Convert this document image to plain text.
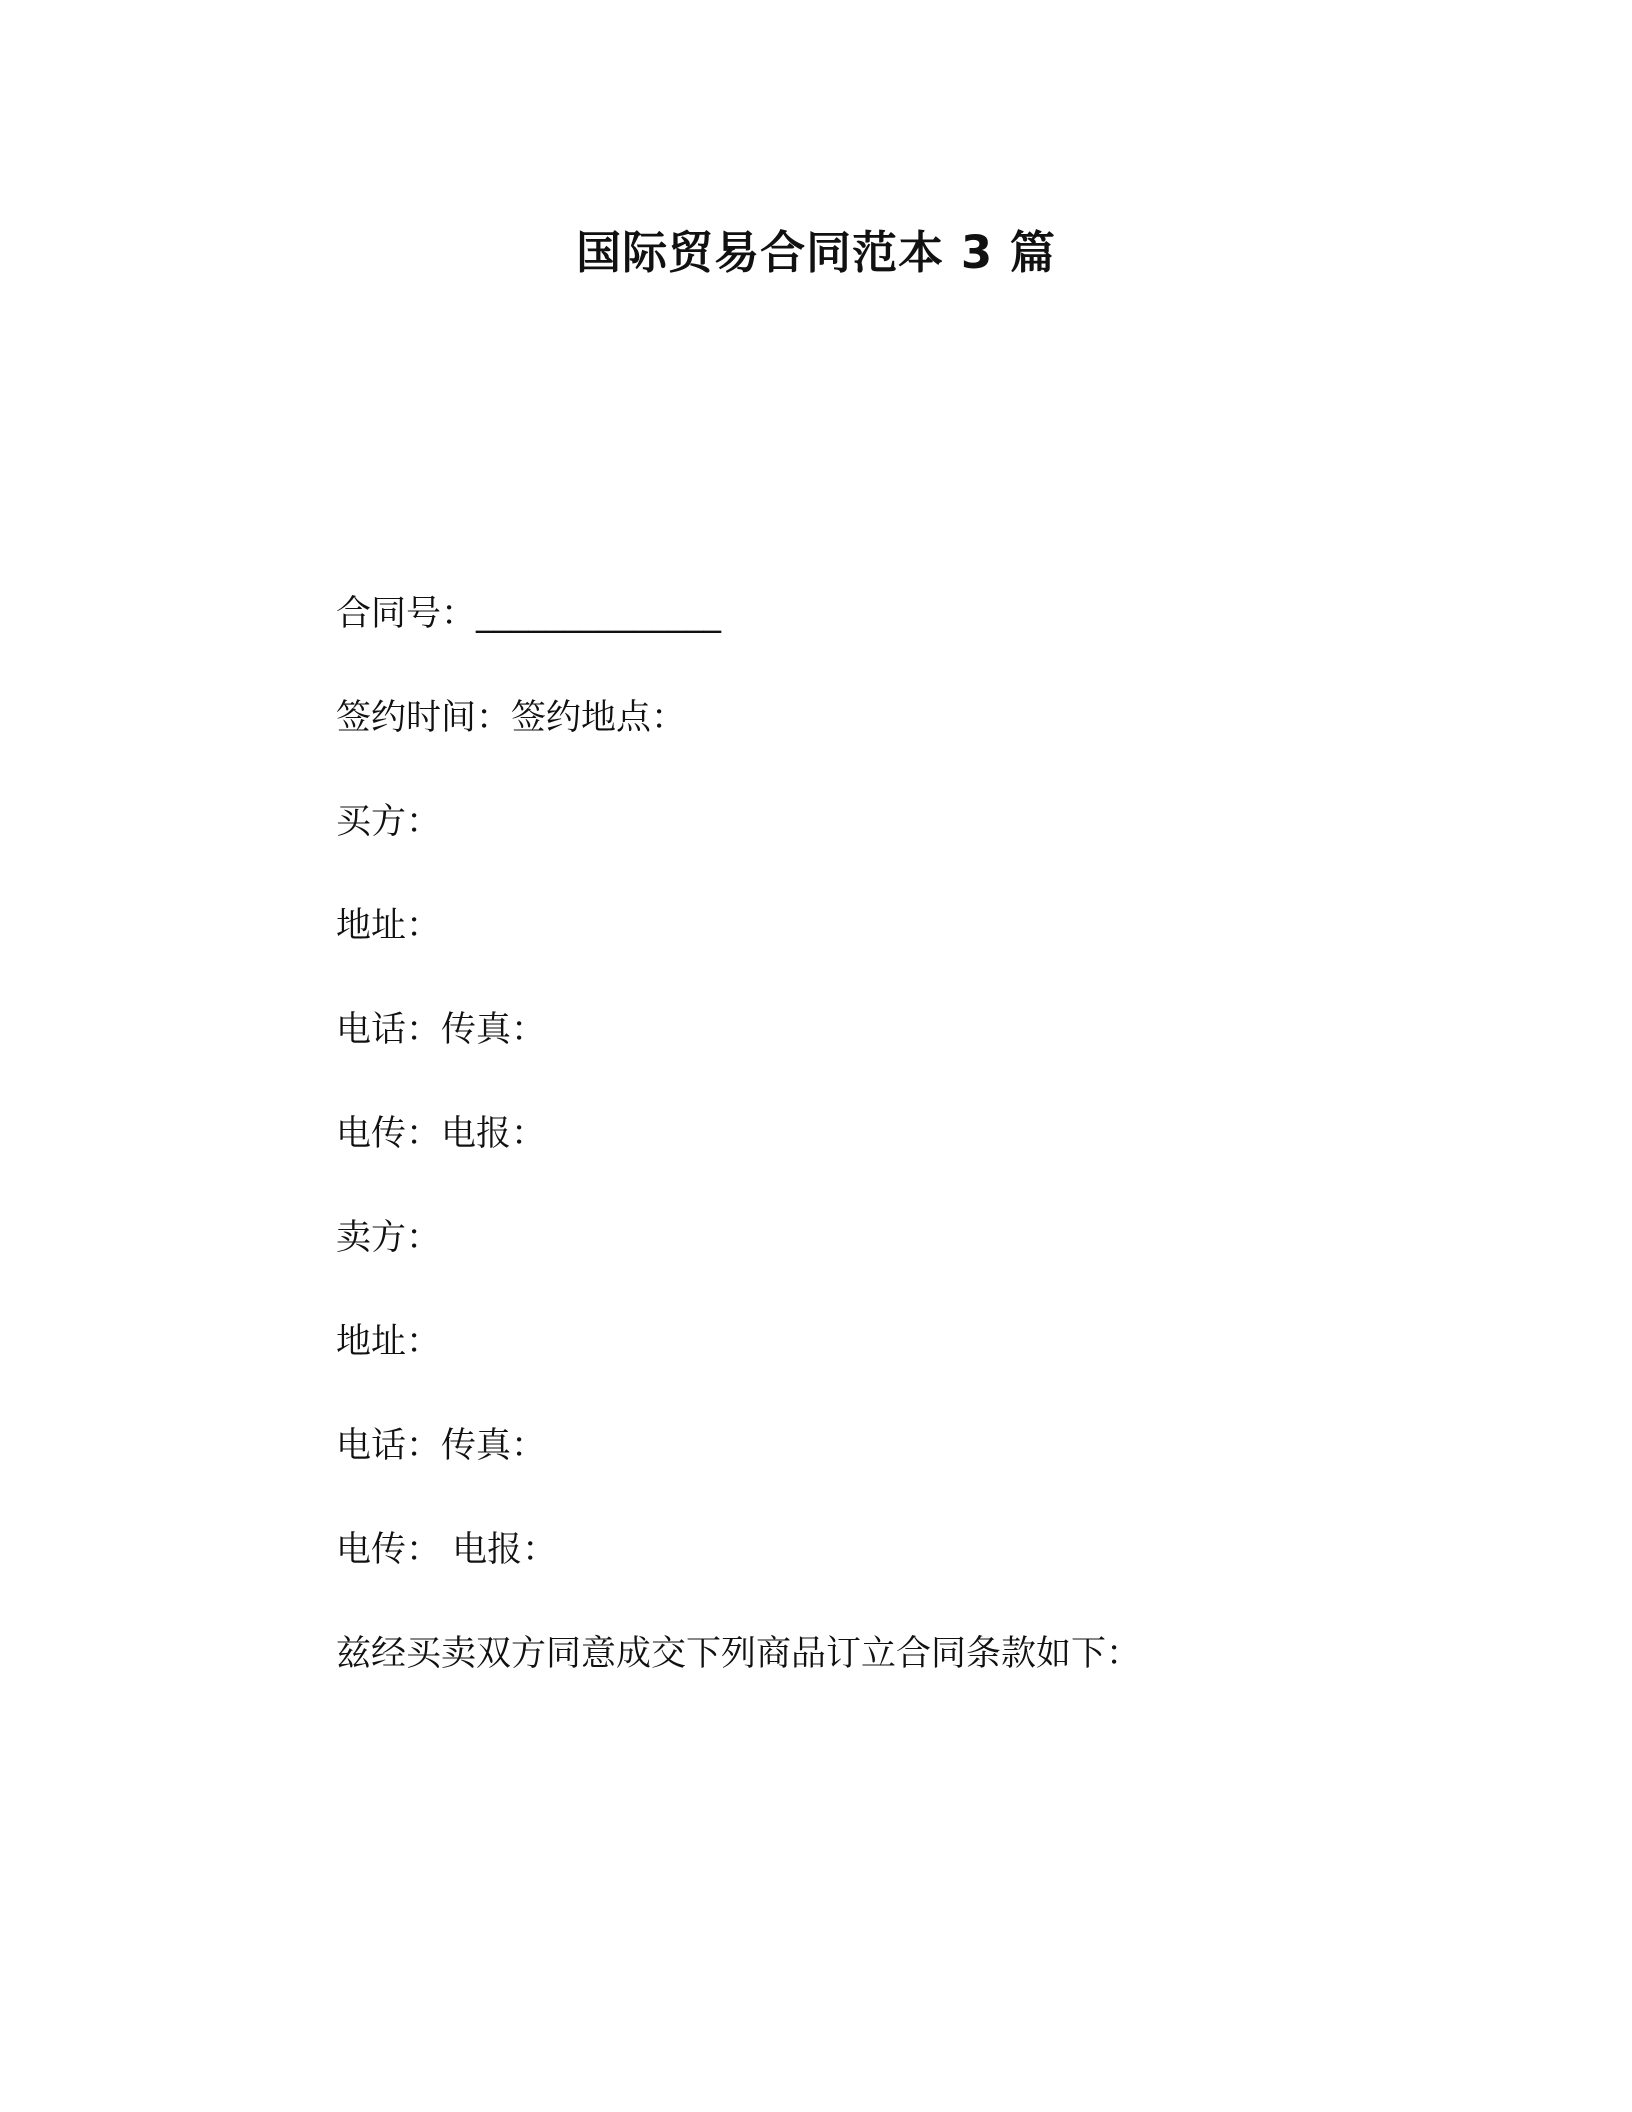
国际贸易合同范本 3 篇
合同号：______________
签约时间：签约地点：
买方：
地址：
电话：传真：
电传：电报：
卖方：
地址：
电话：传真：
电传： 电报：
兹经买卖双方同意成交下列商品订立合同条款如下：
